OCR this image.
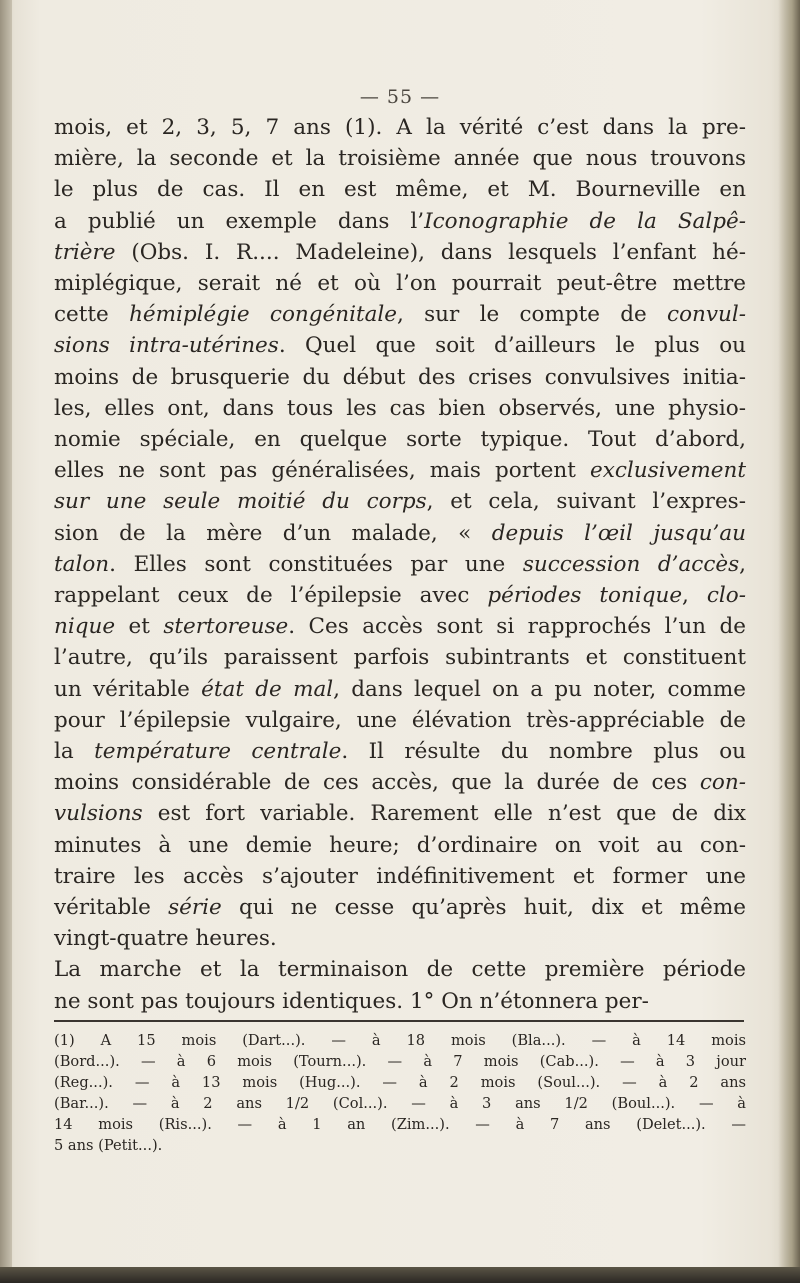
— 55 —
mois, et 2, 3, 5, 7 ans (1). A la vérité c’est dans la pre-
mière, la seconde et la troisième année que nous trouvons
le plus de cas. Il en est même, et M. Bourneville en
a publié un exemple dans l’Iconographie de la Salpê-
trière (Obs. I. R.... Madeleine), dans lesquels l’enfant hé-
miplégique, serait né et où l’on pourrait peut-être mettre
cette hémiplégie congénitale, sur le compte de convul-
sions intra-utérines. Quel que soit d’ailleurs le plus ou
moins de brusquerie du début des crises convulsives initia-
les, elles ont, dans tous les cas bien observés, une physio-
nomie spéciale, en quelque sorte typique. Tout d’abord,
elles ne sont pas généralisées, mais portent exclusivement
sur une seule moitié du corps, et cela, suivant l’expres-
sion de la mère d’un malade, « depuis l’œil jusqu’au
talon. Elles sont constituées par une succession d’accès,
rappelant ceux de l’épilepsie avec périodes tonique, clo-
nique et stertoreuse. Ces accès sont si rapprochés l’un de
l’autre, qu’ils paraissent parfois subintrants et constituent
un véritable état de mal, dans lequel on a pu noter, comme
pour l’épilepsie vulgaire, une élévation très-appréciable de
la température centrale. Il résulte du nombre plus ou
moins considérable de ces accès, que la durée de ces con-
vulsions est fort variable. Rarement elle n’est que de dix
minutes à une demie heure; d’ordinaire on voit au con-
traire les accès s’ajouter indéfinitivement et former une
véritable série qui ne cesse qu’après huit, dix et même
vingt-quatre heures.
La marche et la terminaison de cette première période
ne sont pas toujours identiques. 1° On n’étonnera per-
(1) A 15 mois (Dart...). — à 18 mois (Bla...). — à 14 mois
(Bord...). — à 6 mois (Tourn...). — à 7 mois (Cab...). — à 3 jour
(Reg...). — à 13 mois (Hug...). — à 2 mois (Soul...). — à 2 ans
(Bar...). — à 2 ans 1/2 (Col...). — à 3 ans 1/2 (Boul...). — à
14 mois (Ris...). — à 1 an (Zim...). — à 7 ans (Delet...). —
5 ans (Petit...).
